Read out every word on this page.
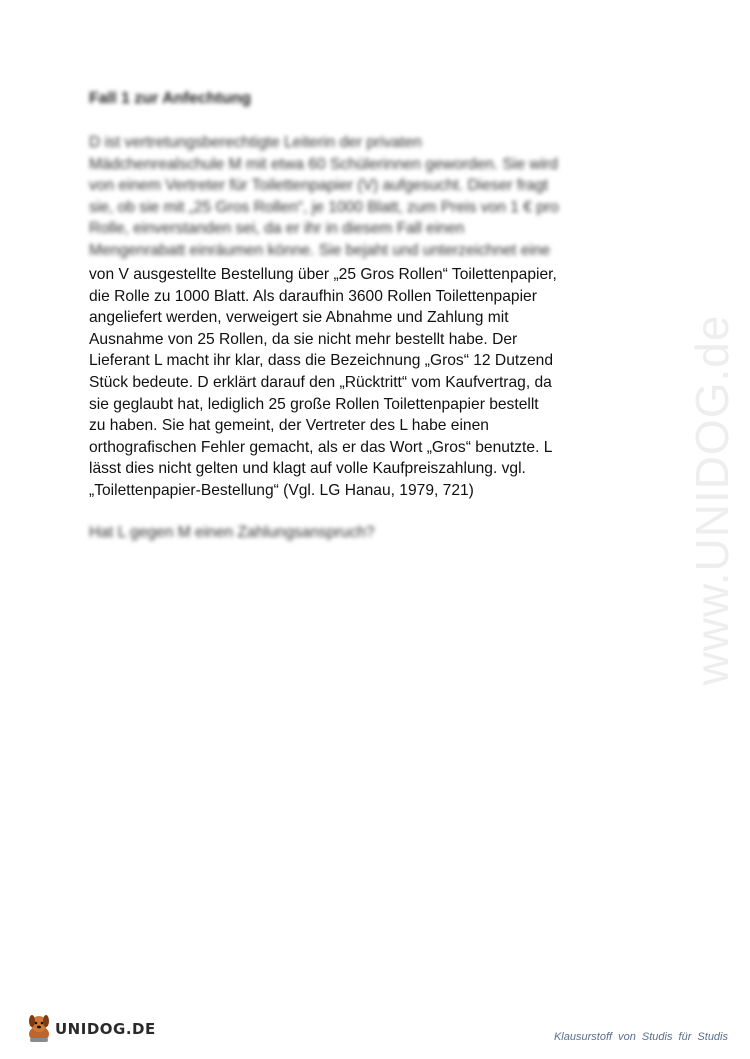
Fall 1 zur Anfechtung
D ist vertretungsberechtigte Leiterin der privaten
Mädchenrealschule M mit etwa 60 Schülerinnen geworden. Sie wird
von einem Vertreter für Toilettenpapier (V) aufgesucht. Dieser fragt
sie, ob sie mit „25 Gros Rollen“, je 1000 Blatt, zum Preis von 1 € pro
Rolle, einverstanden sei, da er ihr in diesem Fall einen
Mengenrabatt einräumen könne. Sie bejaht und unterzeichnet eine
von V ausgestellte Bestellung über „25 Gros Rollen“ Toilettenpapier,
die Rolle zu 1000 Blatt. Als daraufhin 3600 Rollen Toilettenpapier
angeliefert werden, verweigert sie Abnahme und Zahlung mit
Ausnahme von 25 Rollen, da sie nicht mehr bestellt habe. Der
Lieferant L macht ihr klar, dass die Bezeichnung „Gros“ 12 Dutzend
Stück bedeute. D erklärt darauf den „Rücktritt“ vom Kaufvertrag, da
sie geglaubt hat, lediglich 25 große Rollen Toilettenpapier bestellt
zu haben. Sie hat gemeint, der Vertreter des L habe einen
orthografischen Fehler gemacht, als er das Wort „Gros“ benutzte. L
lässt dies nicht gelten und klagt auf volle Kaufpreiszahlung. vgl.
„Toilettenpapier-Bestellung“ (Vgl. LG Hanau, 1979, 721)
Hat L gegen M einen Zahlungsanspruch?	www.UNIDOG.de
UNIDOG.DE	Klausurstoff von Studis für Studis
